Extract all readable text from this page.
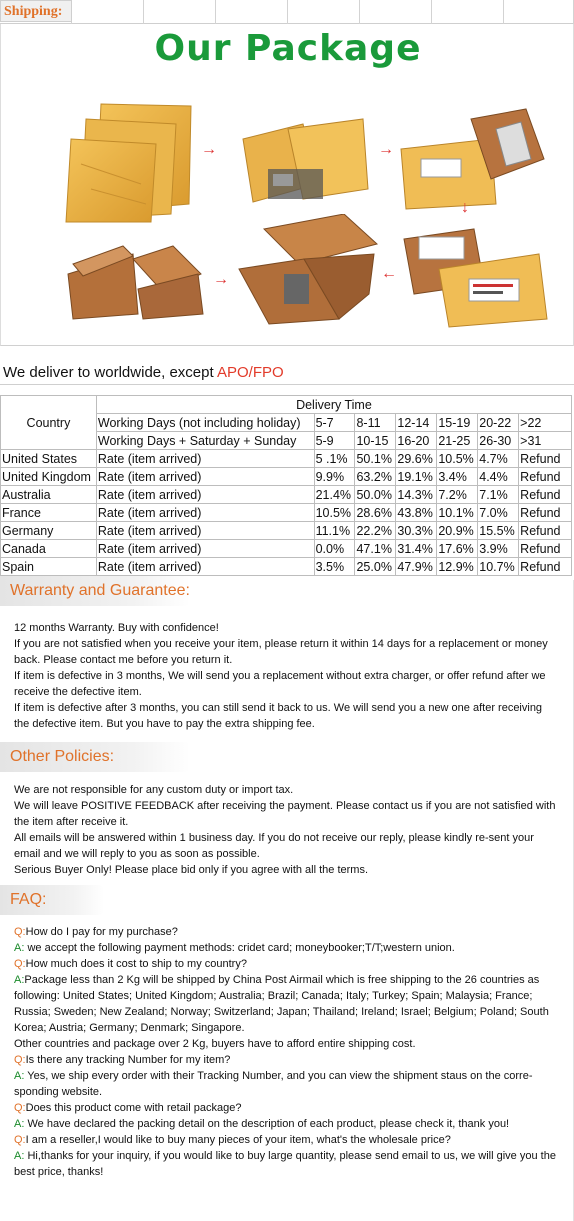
Shipping:
Our Package
→	→
↓
→	←
We deliver to worldwide, except APO/FPO
Country	Delivery Time						
	Working Days (not including holiday)	5-7	8-11	12-14	15-19	20-22	>22
	Working Days + Saturday + Sunday	5-9	10-15	16-20	21-25	26-30	>31
United States	Rate (item arrived)	5 .1%	50.1%	29.6%	10.5%	4.7%	Refund
United Kingdom	Rate (item arrived)	9.9%	63.2%	19.1%	3.4%	4.4%	Refund
Australia	Rate (item arrived)	21.4%	50.0%	14.3%	7.2%	7.1%	Refund
France	Rate (item arrived)	10.5%	28.6%	43.8%	10.1%	7.0%	Refund
Germany	Rate (item arrived)	11.1%	22.2%	30.3%	20.9%	15.5%	Refund
Canada	Rate (item arrived)	0.0%	47.1%	31.4%	17.6%	3.9%	Refund
Spain	Rate (item arrived)	3.5%	25.0%	47.9%	12.9%	10.7%	Refund
Warranty and Guarantee:

12 months Warranty. Buy with confidence!

If you are not satisfied when you receive your item, please return it within 14 days for a replacement or money back. Please contact me before you return it.

If item is defective in 3 months, We will send you a replacement without extra charger, or offer refund after we receive the defective item.

If item is defective after 3 months, you can still send it back to us. We will send you a new one after receiving the defective item. But you have to pay the extra shipping fee.

Other Policies:

We are not responsible for any custom duty or import tax.

We will leave POSITIVE FEEDBACK after receiving the payment. Please contact us if you are not satisfied with the item after receive it.

All emails will be answered within 1 business day. If you do not receive our reply, please kindly re-sent your email and we will reply to you as soon as possible.

Serious Buyer Only! Please place bid only if you agree with all the terms.

FAQ:

Q:How do I pay for my purchase?

A: we accept the following payment methods: cridet card; moneybooker;T/T;western union.

Q:How much does it cost to ship to my country?

A:Package less than 2 Kg will be shipped by China Post Airmail which is free shipping to the 26 countries as following: United States; United Kingdom; Australia; Brazil; Canada; Italy; Turkey; Spain; Malaysia; France; Russia; Sweden; New Zealand; Norway; Switzerland; Japan; Thailand; Ireland; Israel; Belgium; Poland; South Korea; Austria; Germany; Denmark; Singapore.

Other countries and package over 2 Kg, buyers have to afford entire shipping cost.

Q:Is there any tracking Number for my item?

A: Yes, we ship every order with their Tracking Number, and you can view the shipment staus on the corre-sponding website.

Q:Does this product come with retail package?

A: We have declared the packing detail on the description of each product, please check it, thank you!

Q:I am a reseller,I would like to buy many pieces of your item, what's the wholesale price?

A: Hi,thanks for your inquiry, if you would like to buy large quantity, please send email to us, we will give you the best price, thanks!
